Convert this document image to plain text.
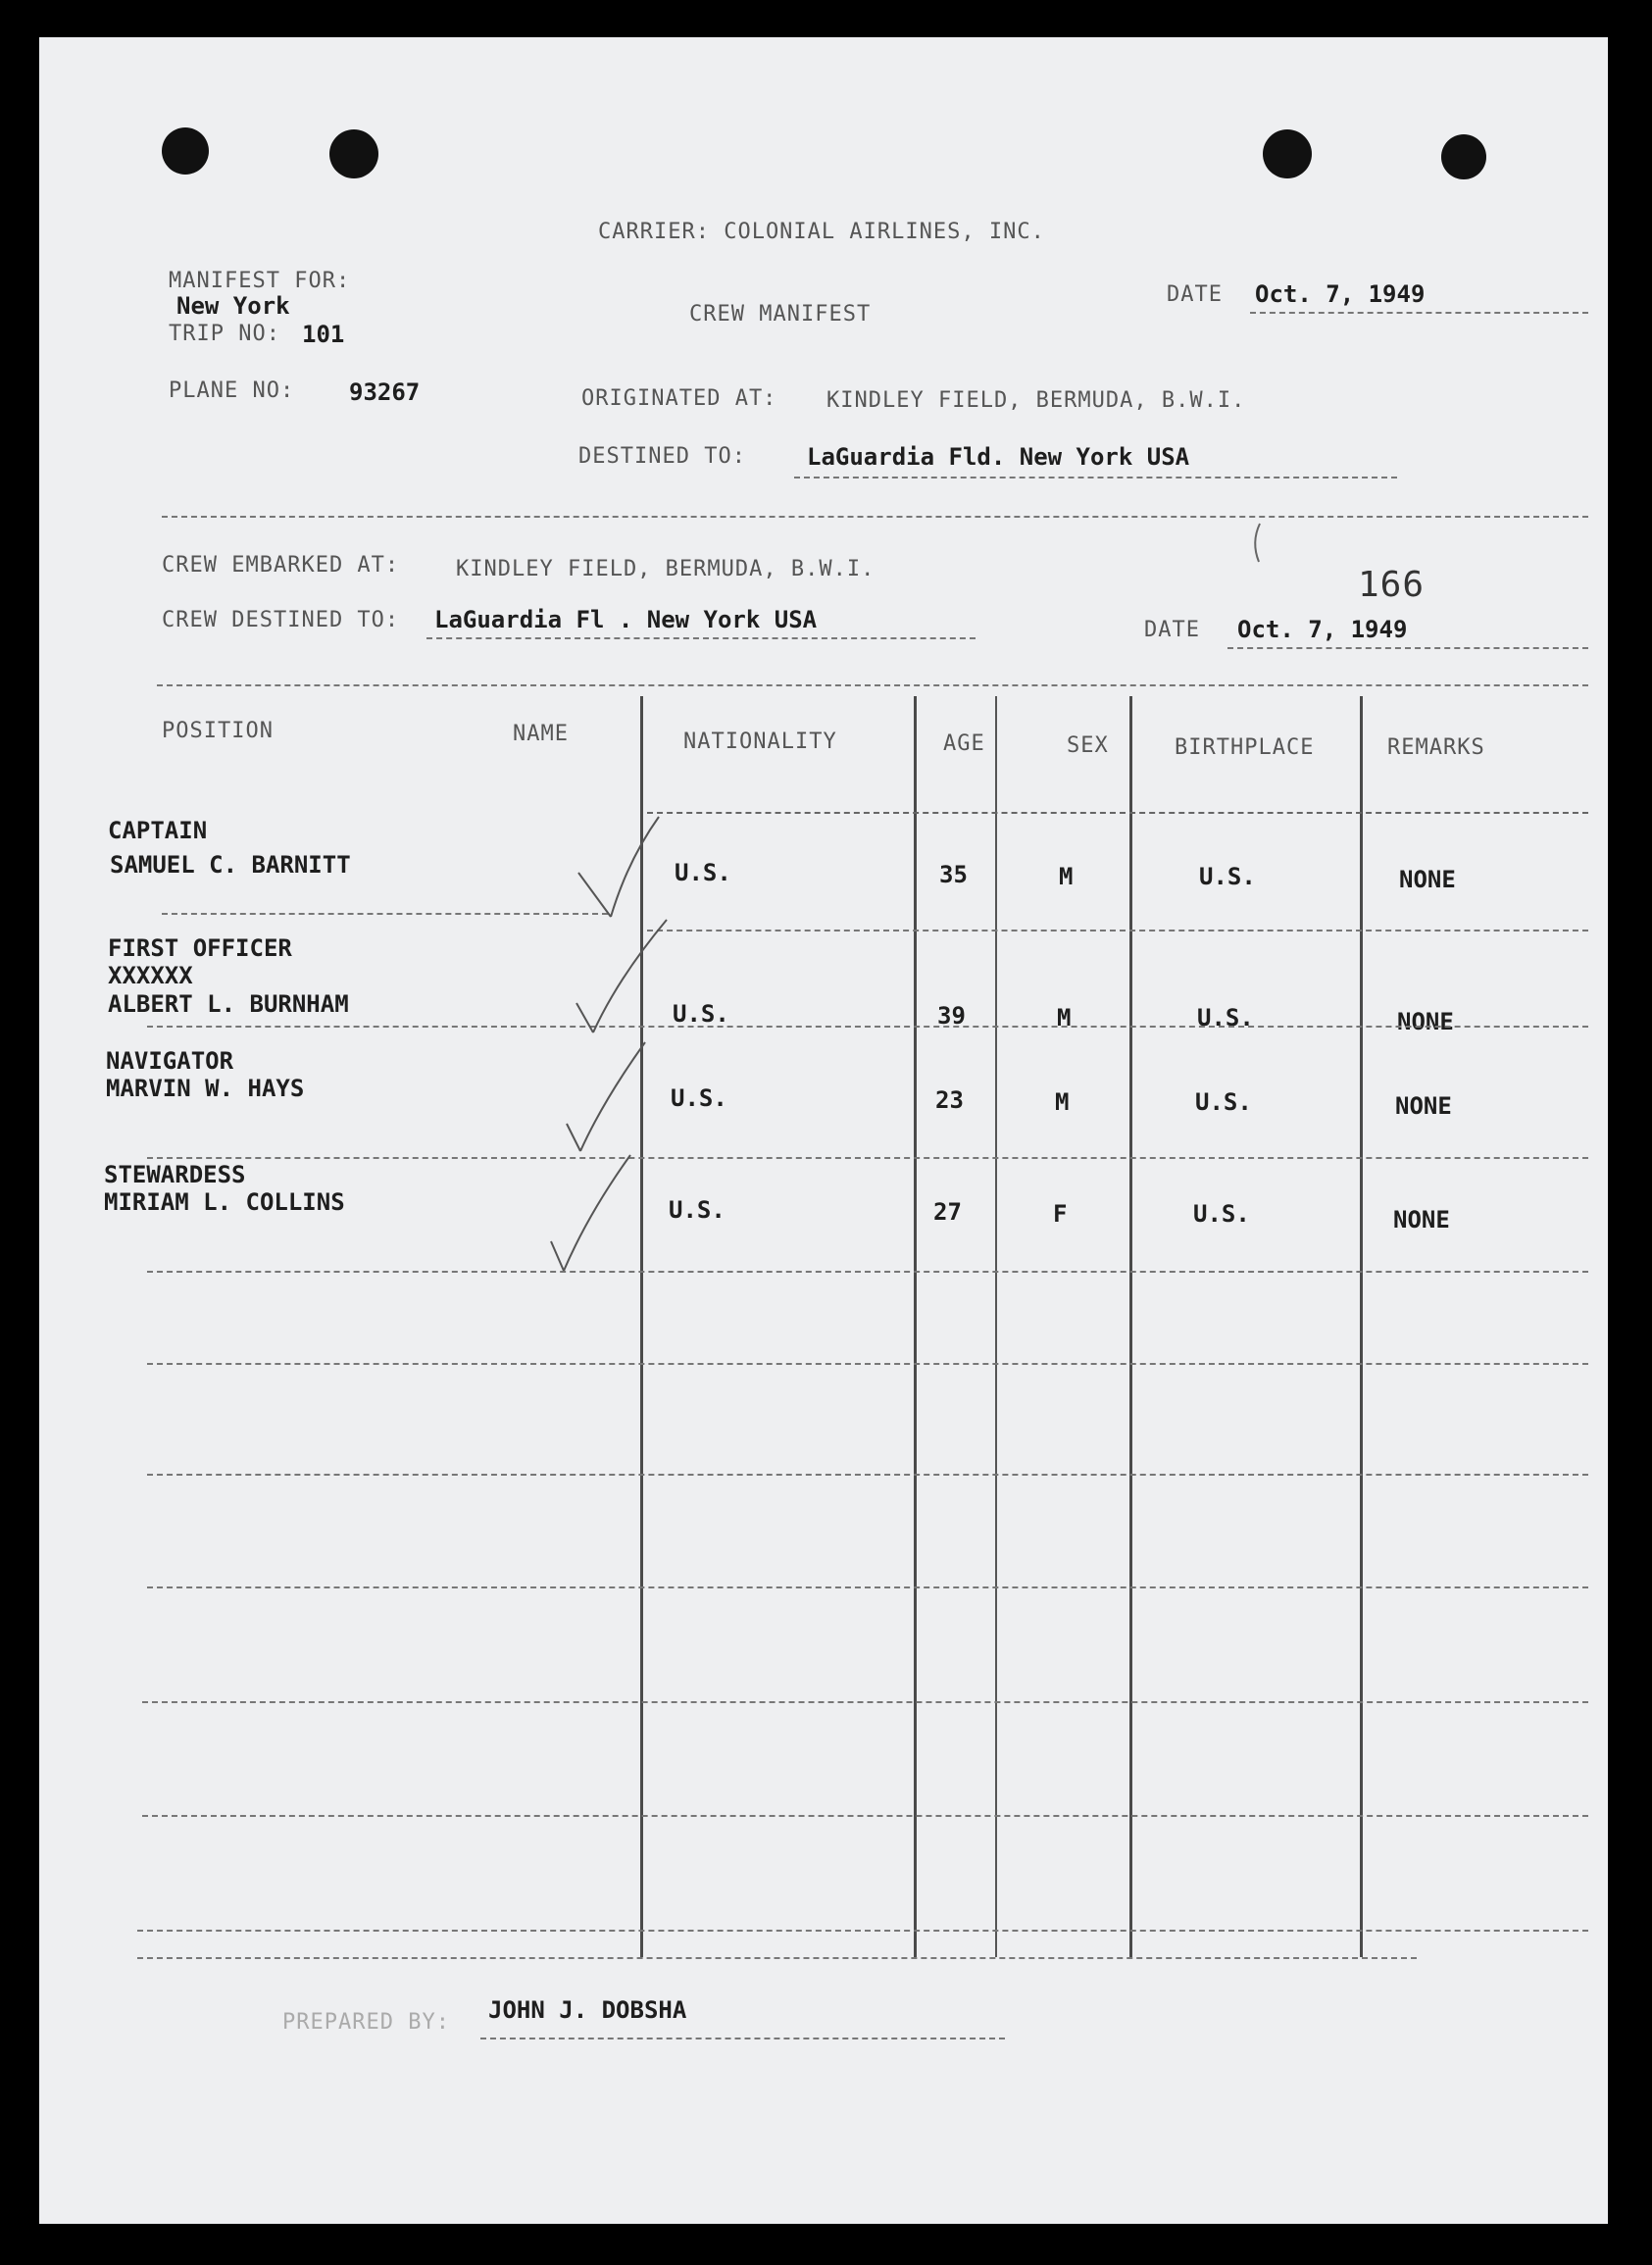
CARRIER: COLONIAL AIRLINES, INC.
MANIFEST FOR:
New York
TRIP NO: 101
CREW MANIFEST
DATE Oct. 7, 1949
PLANE NO: 93267	ORIGINATED AT: KINDLEY FIELD, BERMUDA, B.W.I.
DESTINED TO:	LaGuardia Fld. New York USA
CREW EMBARKED AT:	KINDLEY FIELD, BERMUDA, B.W.I.	166
CREW DESTINED TO: LaGuardia Fl . New York USA	DATE Oct. 7, 1949
POSITION	NAME	NATIONALITY	AGE	SEX	BIRTHPLACE	REMARKS
CAPTAIN
SAMUEL C. BARNITT	U.S.	35	M	U.S.	NONE
FIRST OFFICER
XXXXXX
ALBERT L. BURNHAM	U.S.	39	M	U.S.	NONE
NAVIGATOR
MARVIN W. HAYS	U.S.	23	M	U.S.	NONE
STEWARDESS
MIRIAM L. COLLINS	U.S.	27	F	U.S.	NONE
PREPARED BY: JOHN J. DOBSHA
